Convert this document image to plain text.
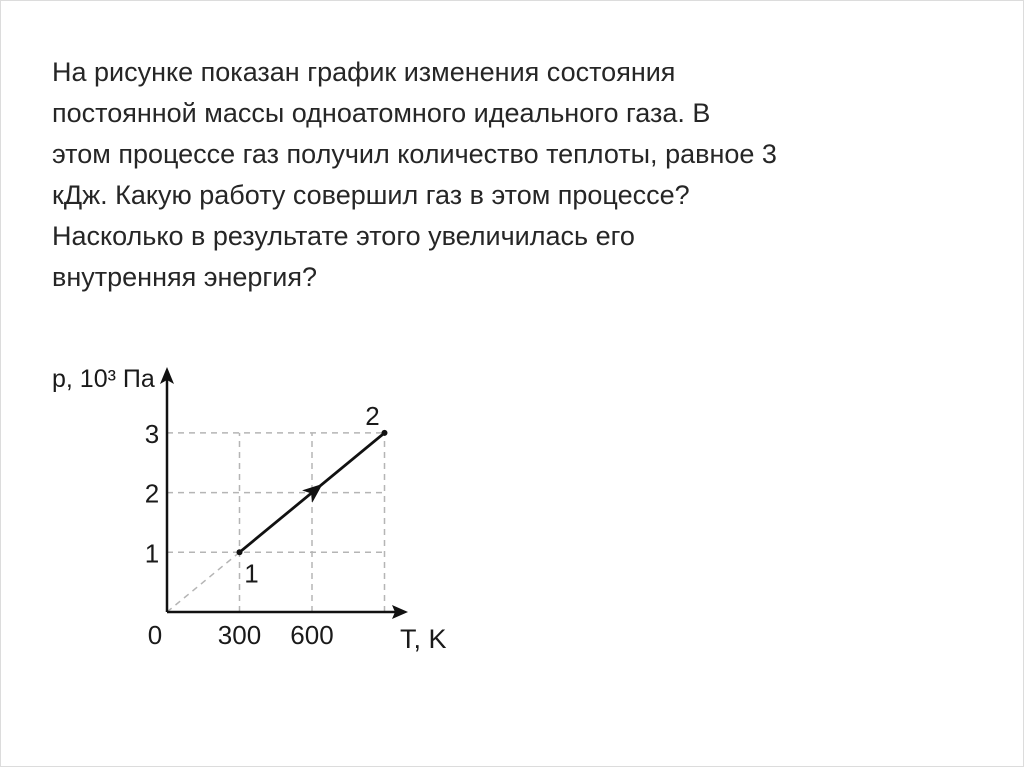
На рисунке показан график изменения состояния
постоянной массы одноатомного идеального газа. В
этом процессе газ получил количество теплоты, равное 3
кДж. Какую работу совершил газ в этом процессе?
Насколько в результате этого увеличилась его
внутренняя энергия?
1
2
3
300 600
0
p, 10³ Па
T, K
1
2
